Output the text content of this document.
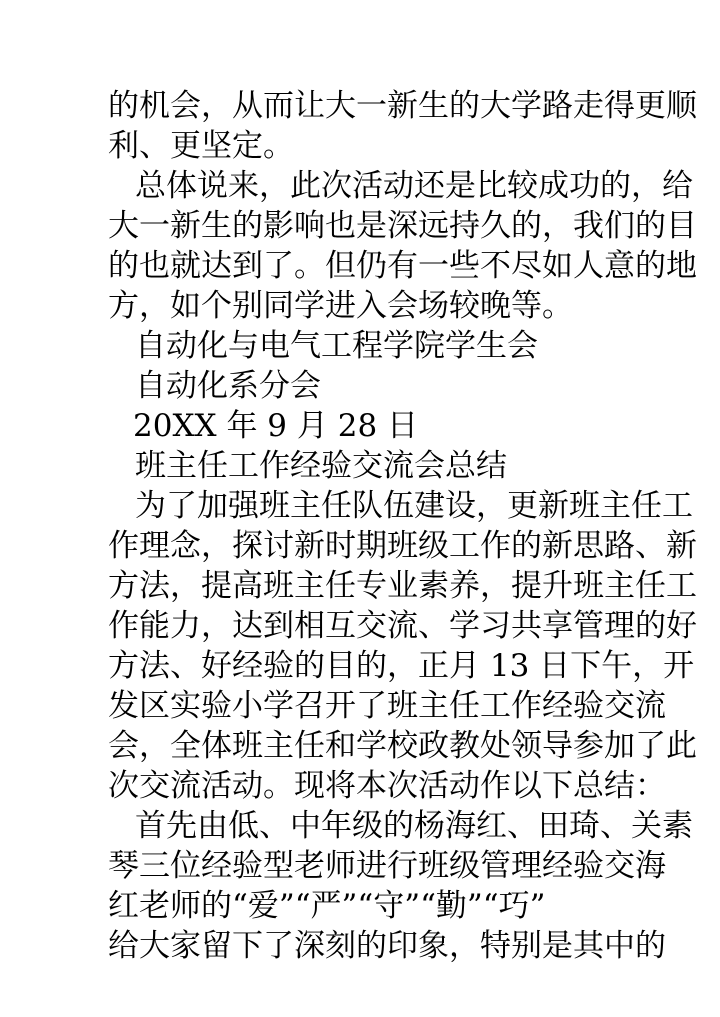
的机会，从而让大一新生的大学路走得更顺
利、更坚定。
总体说来，此次活动还是比较成功的，给
大一新生的影响也是深远持久的，我们的目
的也就达到了。但仍有一些不尽如人意的地
方，如个别同学进入会场较晚等。
自动化与电气工程学院学生会
自动化系分会
20XX 年 9 月 28 日
班主任工作经验交流会总结
为了加强班主任队伍建设，更新班主任工
作理念，探讨新时期班级工作的新思路、新
方法，提高班主任专业素养，提升班主任工
作能力，达到相互交流、学习共享管理的好
方法、好经验的目的，正月 13 日下午，开
发区实验小学召开了班主任工作经验交流
会，全体班主任和学校政教处领导参加了此
次交流活动。现将本次活动作以下总结：
首先由低、中年级的杨海红、田琦、关素
琴三位经验型老师进行班级管理经验交海
红老师的“爱”“严”“守”“勤”“巧”
给大家留下了深刻的印象，特别是其中的
